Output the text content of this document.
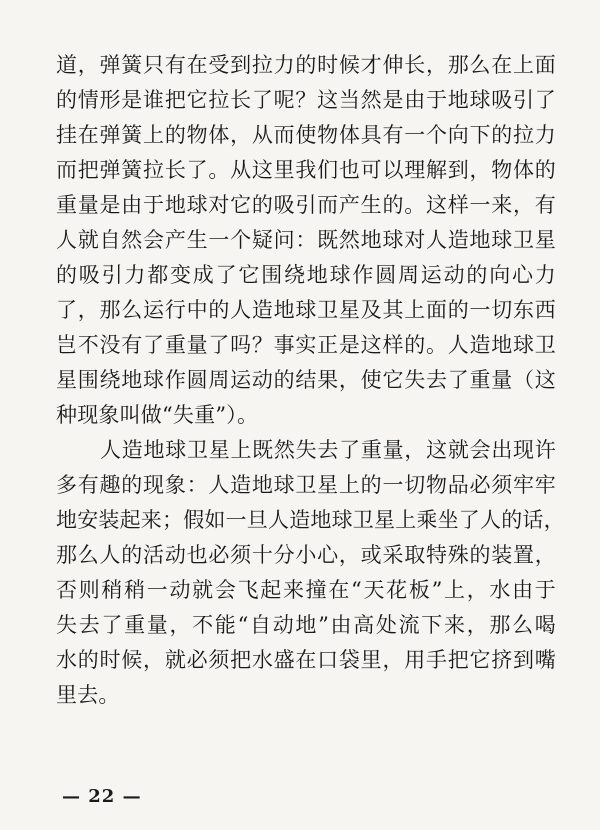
道，弹簧只有在受到拉力的时候才伸长，那么在上面
的情形是谁把它拉长了呢？这当然是由于地球吸引了
挂在弹簧上的物体，从而使物体具有一个向下的拉力
而把弹簧拉长了。从这里我们也可以理解到，物体的
重量是由于地球对它的吸引而产生的。这样一来，有
人就自然会产生一个疑问：既然地球对人造地球卫星
的吸引力都变成了它围绕地球作圆周运动的向心力
了，那么运行中的人造地球卫星及其上面的一切东西
岂不没有了重量了吗？事实正是这样的。人造地球卫
星围绕地球作圆周运动的结果，使它失去了重量（这
种现象叫做“失重”）。
人造地球卫星上既然失去了重量，这就会出现许
多有趣的现象：人造地球卫星上的一切物品必须牢牢
地安装起来；假如一旦人造地球卫星上乘坐了人的话，
那么人的活动也必须十分小心，或采取特殊的装置，
否则稍稍一动就会飞起来撞在“天花板”上，水由于
失去了重量，不能“自动地”由高处流下来，那么喝
水的时候，就必须把水盛在口袋里，用手把它挤到嘴
里去。
— 22 —
